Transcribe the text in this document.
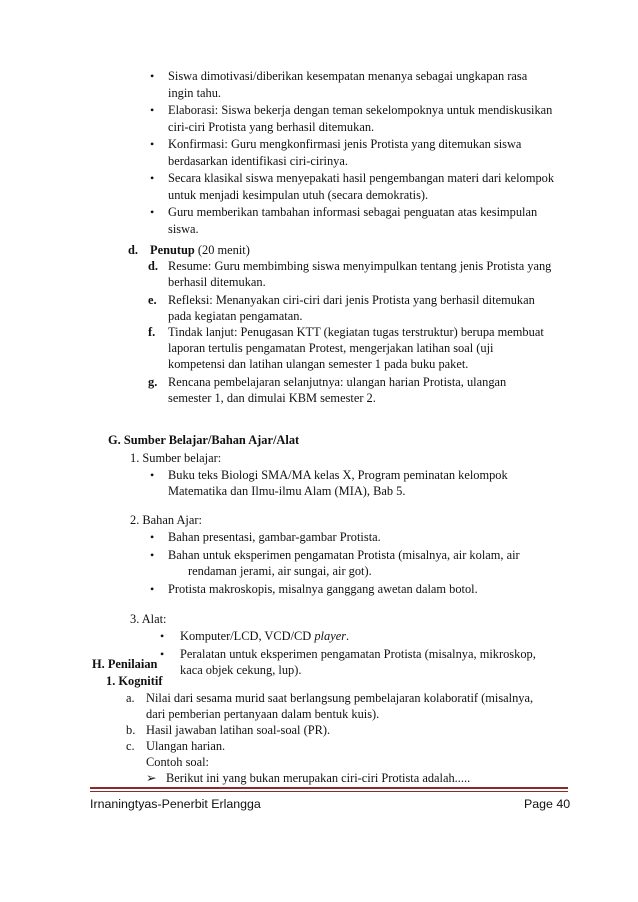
• Siswa dimotivasi/diberikan kesempatan menanya sebagai ungkapan rasa
ingin tahu.
• Elaborasi: Siswa bekerja dengan teman sekelompoknya untuk mendiskusikan
ciri-ciri Protista yang berhasil ditemukan.
• Konfirmasi: Guru mengkonfirmasi jenis Protista yang ditemukan siswa
berdasarkan identifikasi ciri-cirinya.
• Secara klasikal siswa menyepakati hasil pengembangan materi dari kelompok
untuk menjadi kesimpulan utuh (secara demokratis).
• Guru memberikan tambahan informasi sebagai penguatan atas kesimpulan
siswa.
d. Penutup (20 menit)
d. Resume: Guru membimbing siswa menyimpulkan tentang jenis Protista yang
berhasil ditemukan.
e. Refleksi: Menanyakan ciri-ciri dari jenis Protista yang berhasil ditemukan
pada kegiatan pengamatan.
f. Tindak lanjut: Penugasan KTT (kegiatan tugas terstruktur) berupa membuat
laporan tertulis pengamatan Protest, mengerjakan latihan soal (uji
kompetensi dan latihan ulangan semester 1 pada buku paket.
g. Rencana pembelajaran selanjutnya: ulangan harian Protista, ulangan
semester 1, dan dimulai KBM semester 2.
G. Sumber Belajar/Bahan Ajar/Alat
1. Sumber belajar:
• Buku teks Biologi SMA/MA kelas X, Program peminatan kelompok
Matematika dan Ilmu-ilmu Alam (MIA), Bab 5.
2. Bahan Ajar:
• Bahan presentasi, gambar-gambar Protista.
• Bahan untuk eksperimen pengamatan Protista (misalnya, air kolam, air
rendaman jerami, air sungai, air got).
• Protista makroskopis, misalnya ganggang awetan dalam botol.
3. Alat:
• Komputer/LCD, VCD/CD player.
• Peralatan untuk eksperimen pengamatan Protista (misalnya, mikroskop,
kaca objek cekung, lup).
H. Penilaian
1. Kognitif
a. Nilai dari sesama murid saat berlangsung pembelajaran kolaboratif (misalnya,
dari pemberian pertanyaan dalam bentuk kuis).
b. Hasil jawaban latihan soal-soal (PR).
c. Ulangan harian.
Contoh soal:
Irnaningtyas-Penerbit Erlangga	Page 40
➢ Berikut ini yang bukan merupakan ciri-ciri Protista adalah.....
